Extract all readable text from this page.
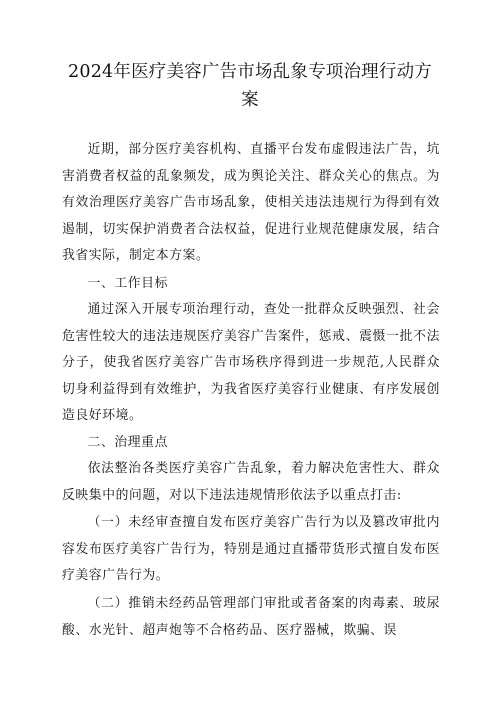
2024年医疗美容广告市场乱象专项治理行动方案

近期，部分医疗美容机构、直播平台发布虚假违法广告，坑害消费者权益的乱象频发，成为舆论关注、群众关心的焦点。为有效治理医疗美容广告市场乱象，使相关违法违规行为得到有效遏制，切实保护消费者合法权益，促进行业规范健康发展，结合我省实际，制定本方案。

一、工作目标

通过深入开展专项治理行动，查处一批群众反映强烈、社会危害性较大的违法违规医疗美容广告案件，惩戒、震慑一批不法分子，使我省医疗美容广告市场秩序得到进一步规范,人民群众切身利益得到有效维护，为我省医疗美容行业健康、有序发展创造良好环境。

二、治理重点

依法整治各类医疗美容广告乱象，着力解决危害性大、群众反映集中的问题，对以下违法违规情形依法予以重点打击:

（一）未经审查擅自发布医疗美容广告行为以及篡改审批内容发布医疗美容广告行为，特别是通过直播带货形式擅自发布医疗美容广告行为。

（二）推销未经药品管理部门审批或者备案的肉毒素、玻尿酸、水光针、超声炮等不合格药品、医疗器械，欺骗、误
